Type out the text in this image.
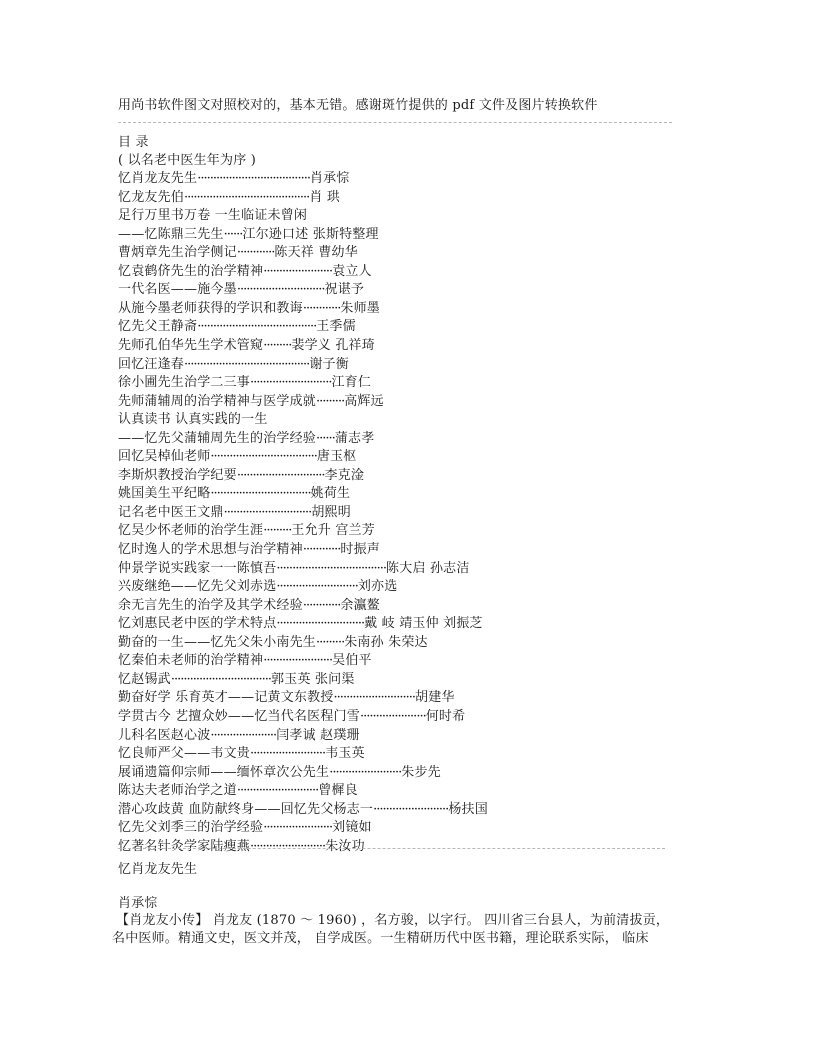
用尚书软件图文对照校对的，基本无错。感谢斑竹提供的 pdf 文件及图片转换软件
目 录
( 以名老中医生年为序 )
忆肖龙友先生····································肖承悰
忆龙友先伯········································肖 珙
足行万里书万卷 一生临证未曾闲
——忆陈鼎三先生······江尔逊口述 张斯特整理
曹炳章先生治学侧记············陈天祥 曹幼华
忆袁鹤侪先生的治学精神······················袁立人
一代名医——施今墨····························祝谌予
从施今墨老师获得的学识和教诲············朱师墨
忆先父王静斋······································王季儒
先师孔伯华先生学术管窥·········裴学义 孔祥琦
回忆汪逢春········································谢子衡
徐小圃先生治学二三事··························江育仁
先师蒲辅周的治学精神与医学成就·········高辉远
认真读书 认真实践的一生
——忆先父蒲辅周先生的治学经验······蒲志孝
回忆吴棹仙老师··································唐玉枢
李斯炽教授治学纪要····························李克淦
姚国美生平纪略································姚荷生
记名老中医王文鼎····························胡熙明
忆吴少怀老师的治学生涯·········王允升 宫兰芳
忆时逸人的学术思想与治学精神············时振声
仲景学说实践家一一陈慎吾···································陈大启 孙志洁
兴废继绝——忆先父刘赤选··························刘亦选
余无言先生的治学及其学术经验············余瀛鳌
忆刘惠民老中医的学术特点····························戴 岐 靖玉仲 刘振芝
勤奋的一生——忆先父朱小南先生·········朱南孙 朱荣达
忆秦伯未老师的治学精神······················吴伯平
忆赵锡武································郭玉英 张问渠
勤奋好学 乐育英才——记黄文东教授··························胡建华
学贯古今 艺擅众妙——忆当代名医程门雪·····················何时希
儿科名医赵心波·····················闫孝诚 赵璞珊
忆良师严父——韦文贵························韦玉英
展诵遗篇仰宗师——缅怀章次公先生·······················朱步先
陈达夫老师治学之道··························曾樨良
潜心攻歧黄 血防献终身——回忆先父杨志一························杨扶国
忆先父刘季三的治学经验······················刘镜如
忆著名针灸学家陆瘦燕························朱汝功
忆肖龙友先生
肖承悰
【肖龙友小传】 肖龙友 (1870 ～ 1960) ，名方骏，以字行。 四川省三台县人，为前清拔贡，
名中医师。精通文史，医文并茂， 自学成医。一生精研历代中医书籍，理论联系实际， 临床
